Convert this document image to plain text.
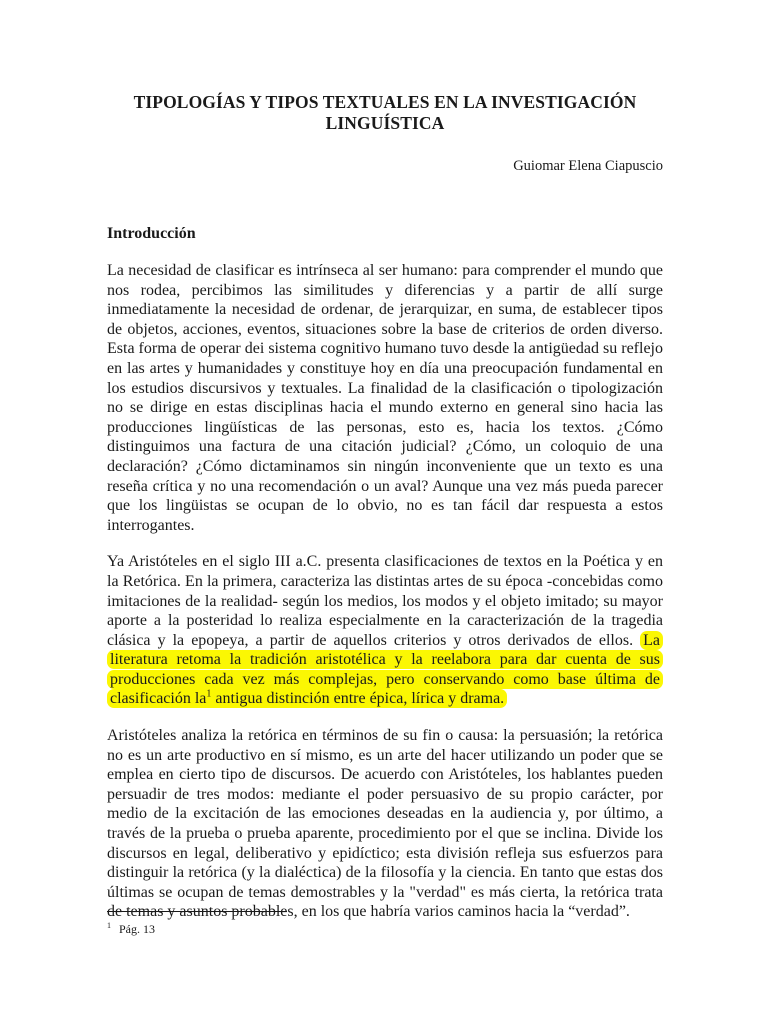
TIPOLOGÍAS Y TIPOS TEXTUALES EN LA INVESTIGACIÓN LINGUÍSTICA

Guiomar Elena Ciapuscio

Introducción

La necesidad de clasificar es intrínseca al ser humano: para comprender el mundo que nos rodea, percibimos las similitudes y diferencias y a partir de allí surge inmediatamente la necesidad de ordenar, de jerarquizar, en suma, de establecer tipos de objetos, acciones, eventos, situaciones sobre la base de criterios de orden diverso. Esta forma de operar dei sistema cognitivo humano tuvo desde la antigüedad su reflejo en las artes y humanidades y constituye hoy en día una preocupación fundamental en los estudios discursivos y textuales. La finalidad de la clasificación o tipologización no se dirige en estas disciplinas hacia el mundo externo en general sino hacia las producciones lingüísticas de las personas, esto es, hacia los textos. ¿Cómo distinguimos una factura de una citación judicial? ¿Cómo, un coloquio de una declaración? ¿Cómo dictaminamos sin ningún inconveniente que un texto es una reseña crítica y no una recomendación o un aval? Aunque una vez más pueda parecer que los lingüistas se ocupan de lo obvio, no es tan fácil dar respuesta a estos interrogantes.

Ya Aristóteles en el siglo III a.C. presenta clasificaciones de textos en la Poética y en la Retórica. En la primera, caracteriza las distintas artes de su época -concebidas como imitaciones de la realidad- según los medios, los modos y el objeto imitado; su mayor aporte a la posteridad lo realiza especialmente en la caracterización de la tragedia clásica y la epopeya, a partir de aquellos criterios y otros derivados de ellos. La literatura retoma la tradición aristotélica y la reelabora para dar cuenta de sus producciones cada vez más complejas, pero conservando como base última de clasificación la$^1$ antigua distinción entre épica, lírica y drama.

Aristóteles analiza la retórica en términos de su fin o causa: la persuasión; la retórica no es un arte productivo en sí mismo, es un arte del hacer utilizando un poder que se emplea en cierto tipo de discursos. De acuerdo con Aristóteles, los hablantes pueden persuadir de tres modos: mediante el poder persuasivo de su propio carácter, por medio de la excitación de las emociones deseadas en la audiencia y, por último, a través de la prueba o prueba aparente, procedimiento por el que se inclina. Divide los discursos en legal, deliberativo y epidíctico; esta división refleja sus esfuerzos para distinguir la retórica (y la dialéctica) de la filosofía y la ciencia. En tanto que estas dos últimas se ocupan de temas demostrables y la "verdad" es más cierta, la retórica trata de temas y asuntos probables, en los que habría varios caminos hacia la “verdad”.

$^1$ Pág. 13
